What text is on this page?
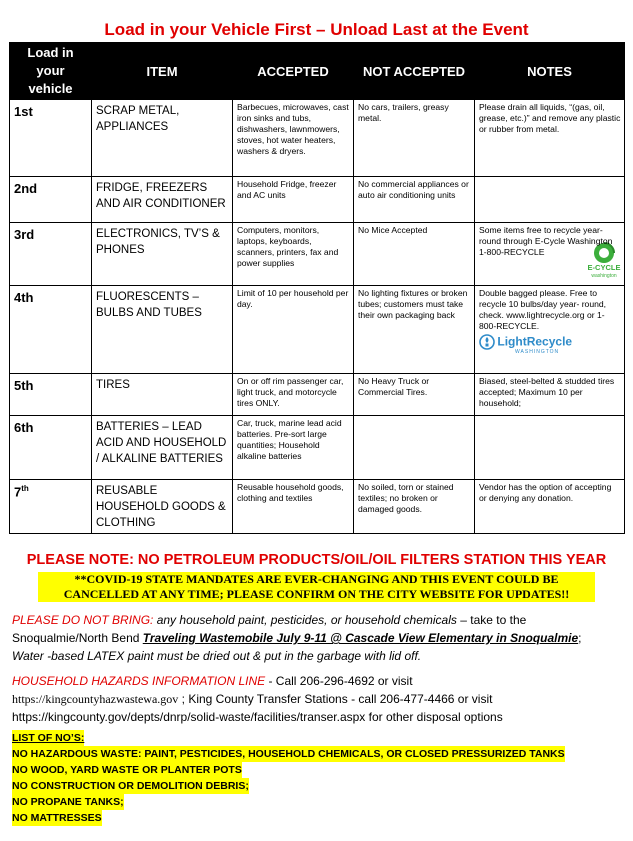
Load in your Vehicle First – Unload Last at the Event
Load in
your
vehicle	ITEM	ACCEPTED	NOT ACCEPTED	NOTES
1st	SCRAP METAL, APPLIANCES	Barbecues, microwaves, cast iron sinks and tubs, dishwashers, lawnmowers, stoves, hot water heaters, washers & dryers.	No cars, trailers, greasy metal.	Please drain all liquids, “(gas, oil, grease, etc.)” and remove any plastic or rubber from metal.
2nd	FRIDGE, FREEZERS AND AIR CONDITIONER	Household Fridge, freezer and AC units	No commercial appliances or auto air conditioning units	
3rd	ELECTRONICS, TV’S & PHONES	Computers, monitors, laptops, keyboards, scanners, printers, fax and power supplies	No Mice Accepted	Some items free to recycle year-round through E-Cycle Washington 1-800-RECYCLE
E-CYCLE
washington

4th	FLUORESCENTS – BULBS AND TUBES	Limit of 10 per household per day.	No lighting fixtures or broken tubes; customers must take their own packaging back	Double bagged please. Free to recycle 10 bulbs/day year- round, check. www.lightrecycle.org or 1-800-RECYCLE.
LightRecycle
WASHINGTON

5th	TIRES	On or off rim passenger car, light truck, and motorcycle tires ONLY.	No Heavy Truck or Commercial Tires.	Biased, steel-belted & studded tires accepted; Maximum 10 per household;
6th	BATTERIES – LEAD ACID AND HOUSEHOLD / ALKALINE BATTERIES	Car, truck, marine lead acid batteries. Pre-sort large quantities; Household alkaline batteries		
7th	REUSABLE HOUSEHOLD GOODS & CLOTHING	Reusable household goods, clothing and textiles	No soiled, torn or stained textiles; no broken or damaged goods.	Vendor has the option of accepting or denying any donation.
PLEASE NOTE: NO PETROLEUM PRODUCTS/OIL/OIL FILTERS STATION THIS YEAR
**COVID-19 STATE MANDATES ARE EVER-CHANGING AND THIS EVENT COULD BE
CANCELLED AT ANY TIME; PLEASE CONFIRM ON THE CITY WEBSITE FOR UPDATES!!
PLEASE DO NOT BRING: any household paint, pesticides, or household chemicals – take to the
Snoqualmie/North Bend Traveling Wastemobile July 9-11 @ Cascade View Elementary in Snoqualmie;
Water -based LATEX paint must be dried out & put in the garbage with lid off.
HOUSEHOLD HAZARDS INFORMATION LINE - Call 206-296-4692 or visit
https://kingcountyhazwastewa.gov ; King County Transfer Stations - call 206-477-4466 or visit
https://kingcounty.gov/depts/dnrp/solid-waste/facilities/transer.aspx for other disposal options
LIST OF NO’S:
NO HAZARDOUS WASTE: PAINT, PESTICIDES, HOUSEHOLD CHEMICALS, OR CLOSED PRESSURIZED TANKS
NO WOOD, YARD WASTE OR PLANTER POTS
NO CONSTRUCTION OR DEMOLITION DEBRIS;
NO PROPANE TANKS;
NO MATTRESSES
